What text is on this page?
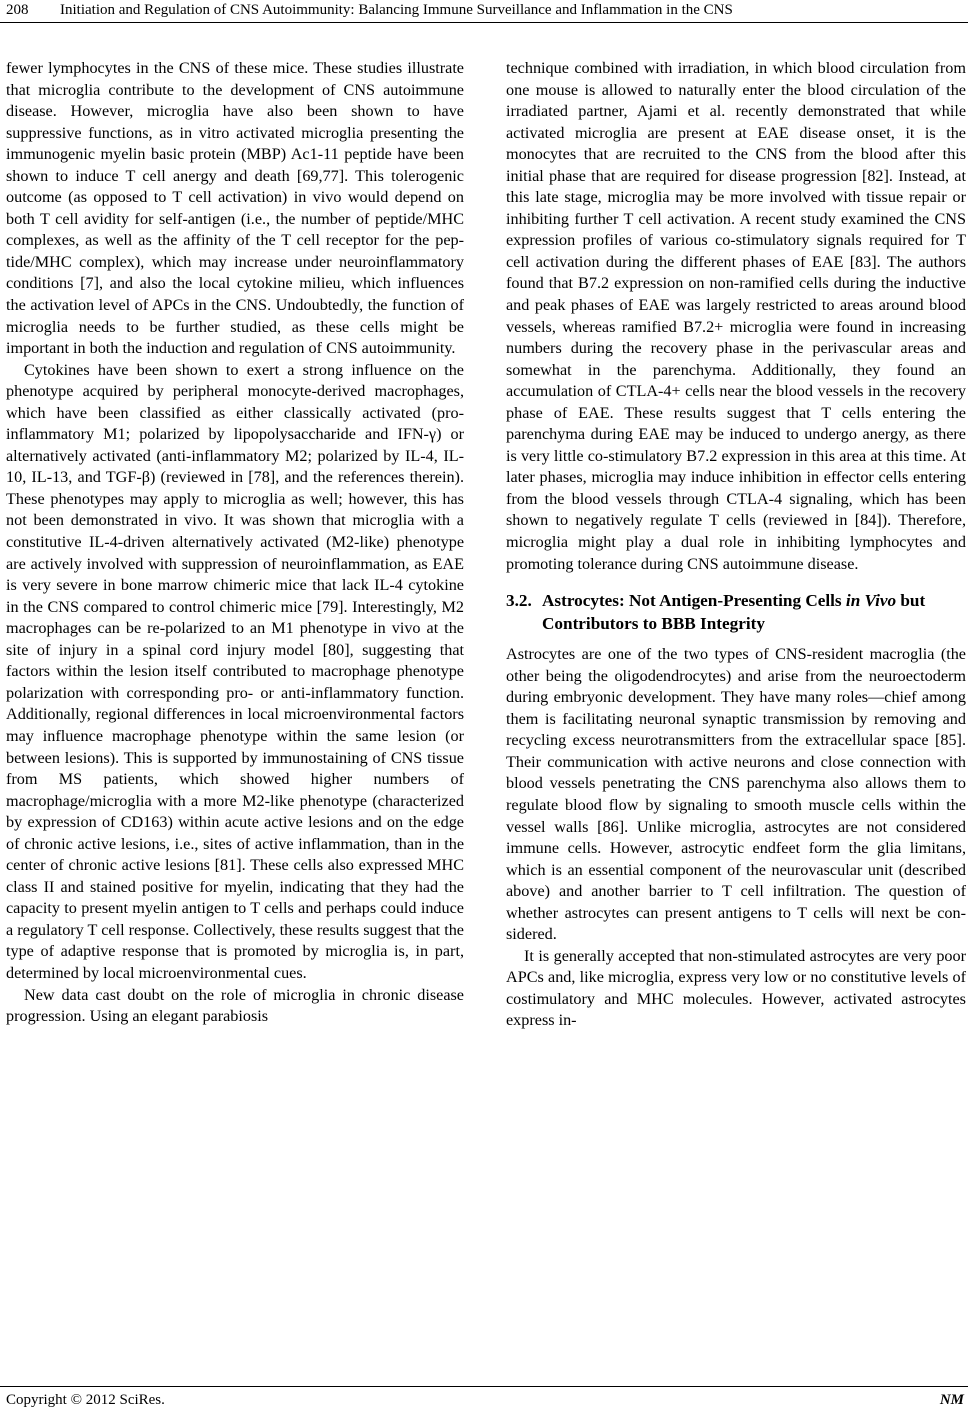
208 Initiation and Regulation of CNS Autoimmunity: Balancing Immune Surveillance and Inflammation in the CNS

fewer lymphocytes in the CNS of these mice. These studies illustrate that microglia contribute to the development of CNS autoimmune disease. However, microglia have also been shown to have suppressive functions, as in vitro activated microglia presenting the immunogenic myelin basic protein (MBP) Ac1-11 peptide have been shown to induce T cell anergy and death [69,77]. This tolerogenic outcome (as opposed to T cell activation) in vivo would depend on both T cell avidity for self-antigen (i.e., the number of peptide/MHC complexes, as well as the affinity of the T cell receptor for the peptide/MHC complex), which may increase under neuroinflammatory conditions [7], and also the local cytokine milieu, which influences the activation level of APCs in the CNS. Undoubtedly, the function of microglia needs to be further studied, as these cells might be important in both the induction and regulation of CNS autoimmunity.

Cytokines have been shown to exert a strong influence on the phenotype acquired by peripheral monocyte-derived macrophages, which have been classified as either classically activated (pro-inflammatory M1; polarized by lipopolysaccharide and IFN-γ) or alternatively activated (anti-inflammatory M2; polarized by IL-4, IL-10, IL-13, and TGF-β) (reviewed in [78], and the references therein). These phenotypes may apply to microglia as well; however, this has not been demonstrated in vivo. It was shown that microglia with a constitutive IL-4-driven alternatively activated (M2-like) phenotype are actively involved with suppression of neuroinflammation, as EAE is very severe in bone marrow chimeric mice that lack IL-4 cytokine in the CNS compared to control chimeric mice [79]. Interestingly, M2 macrophages can be re-polarized to an M1 phenotype in vivo at the site of injury in a spinal cord injury model [80], suggesting that factors within the lesion itself contributed to macrophage phenotype polarization with corresponding pro- or anti-inflammatory function. Additionally, regional differences in local microenvironmental factors may influence macrophage phenotype within the same lesion (or between lesions). This is supported by immunostaining of CNS tissue from MS patients, which showed higher numbers of macrophage/microglia with a more M2-like phenotype (characterized by expression of CD163) within acute active lesions and on the edge of chronic active lesions, i.e., sites of active inflammation, than in the center of chronic active lesions [81]. These cells also expressed MHC class II and stained positive for myelin, indicating that they had the capacity to present myelin antigen to T cells and perhaps could induce a regulatory T cell response. Collectively, these results suggest that the type of adaptive response that is promoted by microglia is, in part, determined by local microenvironmental cues.

New data cast doubt on the role of microglia in chronic disease progression. Using an elegant parabiosis

technique combined with irradiation, in which blood circulation from one mouse is allowed to naturally enter the blood circulation of the irradiated partner, Ajami et al. recently demonstrated that while activated microglia are present at EAE disease onset, it is the monocytes that are recruited to the CNS from the blood after this initial phase that are required for disease progression [82]. Instead, at this late stage, microglia may be more involved with tissue repair or inhibiting further T cell activation. A recent study examined the CNS expression profiles of various co-stimulatory signals required for T cell activation during the different phases of EAE [83]. The authors found that B7.2 expression on non-ramified cells during the inductive and peak phases of EAE was largely restricted to areas around blood vessels, whereas ramified B7.2+ microglia were found in increasing numbers during the recovery phase in the perivascular areas and somewhat in the parenchyma. Additionally, they found an accumulation of CTLA-4+ cells near the blood vessels in the recovery phase of EAE. These results suggest that T cells entering the parenchyma during EAE may be induced to undergo anergy, as there is very little co-stimulatory B7.2 expression in this area at this time. At later phases, microglia may induce inhibition in effector cells entering from the blood vessels through CTLA-4 signaling, which has been shown to negatively regulate T cells (reviewed in [84]). Therefore, microglia might play a dual role in inhibiting lymphocytes and promoting tolerance during CNS autoimmune disease.

3.2. Astrocytes: Not Antigen-Presenting Cells in Vivo but Contributors to BBB Integrity

Astrocytes are one of the two types of CNS-resident macroglia (the other being the oligodendrocytes) and arise from the neuroectoderm during embryonic development. They have many roles—chief among them is facilitating neuronal synaptic transmission by removing and recycling excess neurotransmitters from the extracellular space [85]. Their communication with active neurons and close connection with blood vessels penetrating the CNS parenchyma also allows them to regulate blood flow by signaling to smooth muscle cells within the vessel walls [86]. Unlike microglia, astrocytes are not considered immune cells. However, astrocytic endfeet form the glia limitans, which is an essential component of the neurovascular unit (described above) and another barrier to T cell infiltration. The question of whether astrocytes can present antigens to T cells will next be considered.

It is generally accepted that non-stimulated astrocytes are very poor APCs and, like microglia, express very low or no constitutive levels of costimulatory and MHC molecules. However, activated astrocytes express in-

Copyright © 2012 SciRes.	NM
